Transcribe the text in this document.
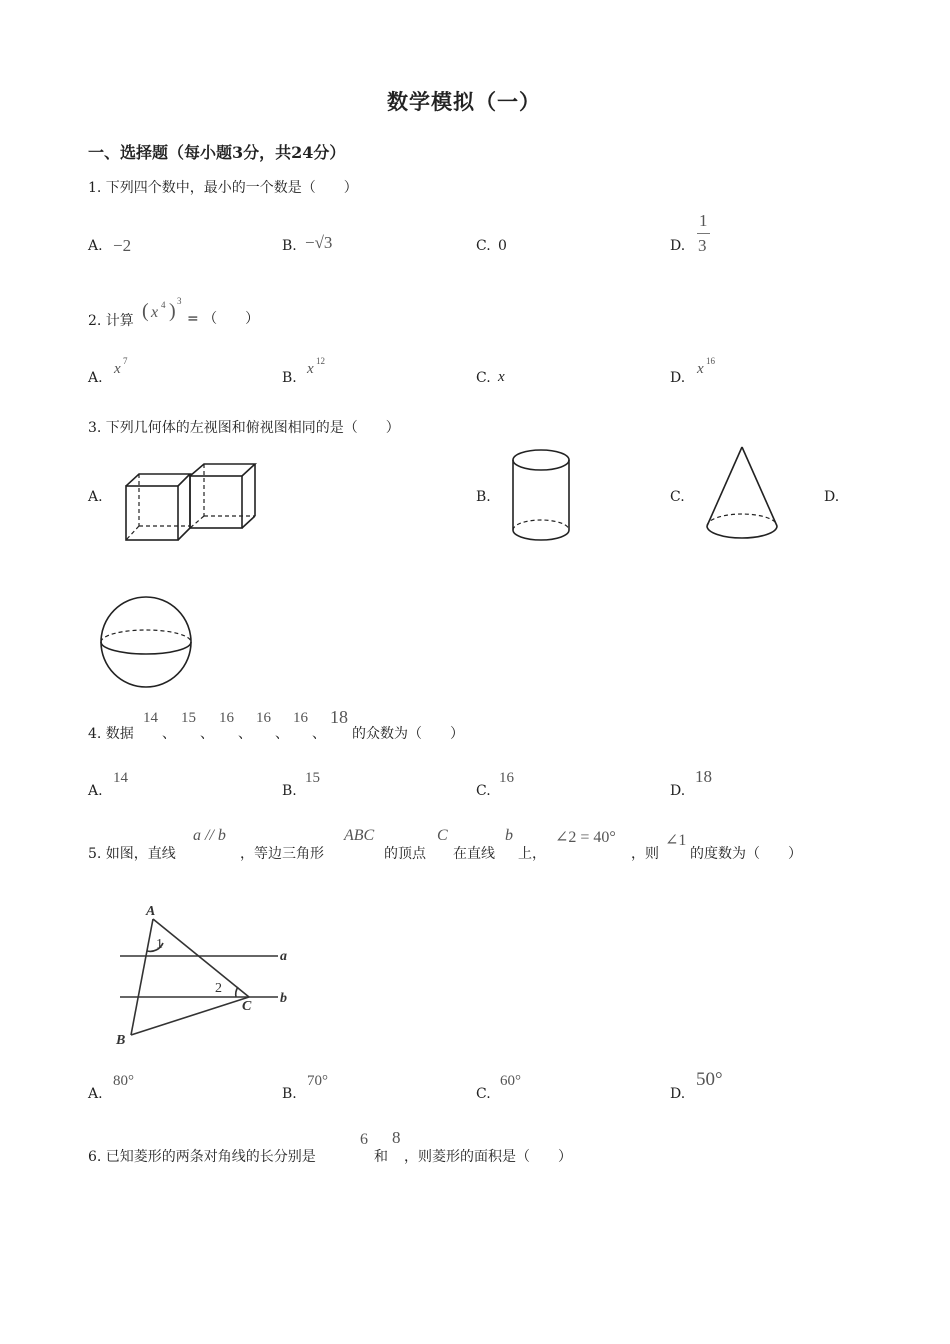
数学模拟（一）
一、选择题（每小题3分，共24分）
1. 下列四个数中，最小的一个数是（　　）
A. −2	B. −√3	C. 0	D.
1
3
2. 计算 ( x 4 ) 3
= （　　）
A.
x 7
B.
x 12
C. x	D.
x 16
3. 下列几何体的左视图和俯视图相同的是（　　）
A.	B.	C.	D.
4. 数据
14
、
15
、
16
、
16
、
16
、
18
的众数为（　　）
A.
14
B.
15
C.
16
D.
18
5. 如图，直线
a // b
，等边三角形
ABC
的顶点
C
在直线
b
上，
∠2 = 40°
，则
∠1
的度数为（　　）
A
B
C
a
b
1
2
A.
80°
B.
70°
C.
60°
D.
50°
6. 已知菱形的两条对角线的长分别是
6
和
8
，则菱形的面积是（　　）
